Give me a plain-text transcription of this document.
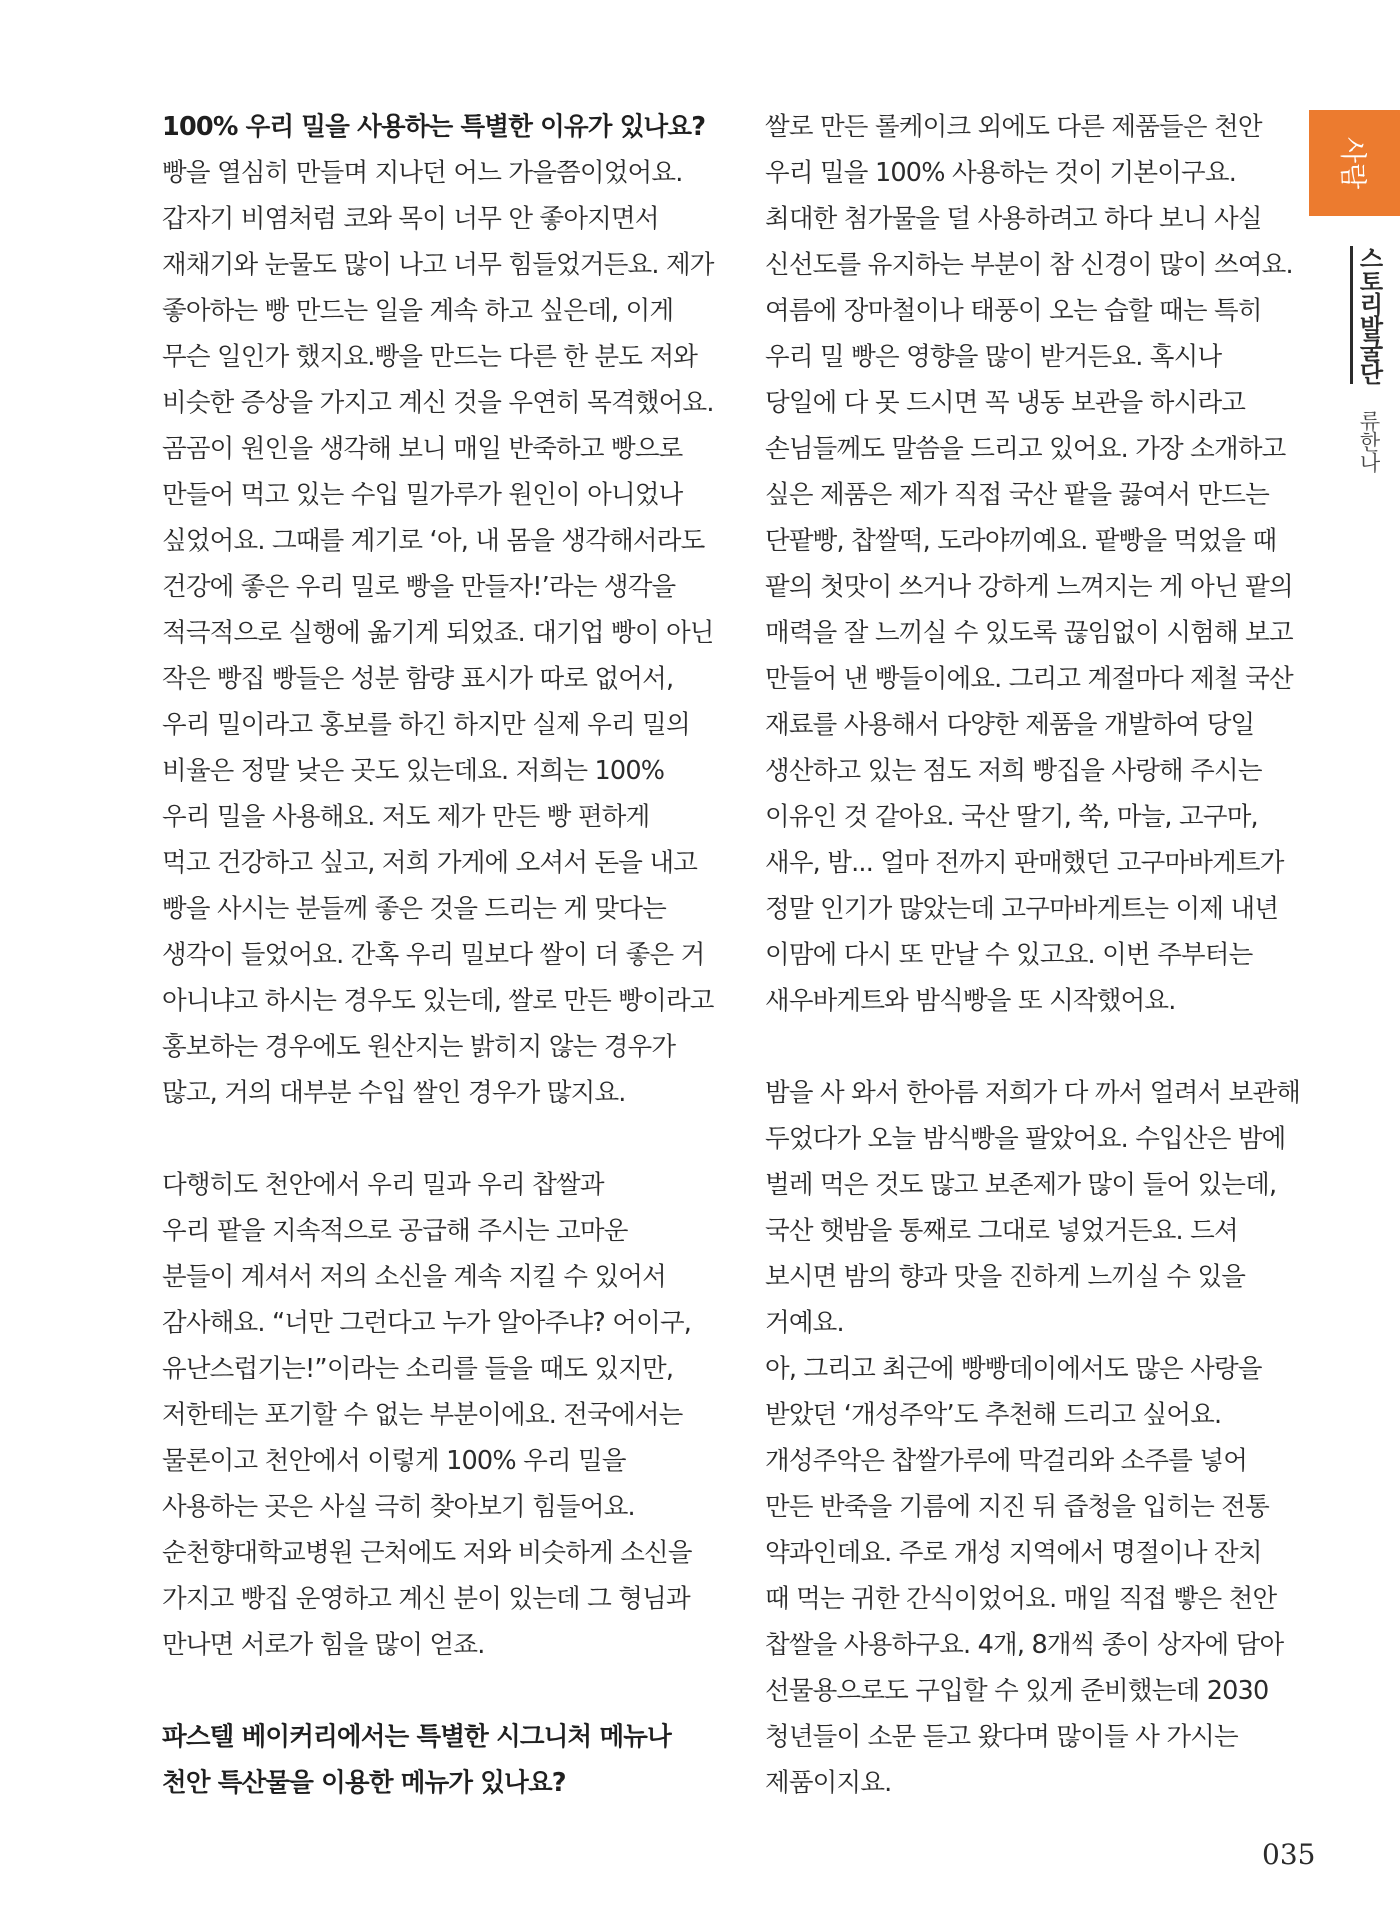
100% 우리 밀을 사용하는 특별한 이유가 있나요?
빵을 열심히 만들며 지나던 어느 가을쯤이었어요.
갑자기 비염처럼 코와 목이 너무 안 좋아지면서
재채기와 눈물도 많이 나고 너무 힘들었거든요. 제가
좋아하는 빵 만드는 일을 계속 하고 싶은데, 이게
무슨 일인가 했지요.빵을 만드는 다른 한 분도 저와
비슷한 증상을 가지고 계신 것을 우연히 목격했어요.
곰곰이 원인을 생각해 보니 매일 반죽하고 빵으로
만들어 먹고 있는 수입 밀가루가 원인이 아니었나
싶었어요. 그때를 계기로 ‘아, 내 몸을 생각해서라도
건강에 좋은 우리 밀로 빵을 만들자!’라는 생각을
적극적으로 실행에 옮기게 되었죠. 대기업 빵이 아닌
작은 빵집 빵들은 성분 함량 표시가 따로 없어서,
우리 밀이라고 홍보를 하긴 하지만 실제 우리 밀의
비율은 정말 낮은 곳도 있는데요. 저희는 100%
우리 밀을 사용해요. 저도 제가 만든 빵 편하게
먹고 건강하고 싶고, 저희 가게에 오셔서 돈을 내고
빵을 사시는 분들께 좋은 것을 드리는 게 맞다는
생각이 들었어요. 간혹 우리 밀보다 쌀이 더 좋은 거
아니냐고 하시는 경우도 있는데, 쌀로 만든 빵이라고
홍보하는 경우에도 원산지는 밝히지 않는 경우가
많고, 거의 대부분 수입 쌀인 경우가 많지요.
다행히도 천안에서 우리 밀과 우리 찹쌀과
우리 팥을 지속적으로 공급해 주시는 고마운
분들이 계셔서 저의 소신을 계속 지킬 수 있어서
감사해요. “너만 그런다고 누가 알아주냐? 어이구,
유난스럽기는!”이라는 소리를 들을 때도 있지만,
저한테는 포기할 수 없는 부분이에요. 전국에서는
물론이고 천안에서 이렇게 100% 우리 밀을
사용하는 곳은 사실 극히 찾아보기 힘들어요.
순천향대학교병원 근처에도 저와 비슷하게 소신을
가지고 빵집 운영하고 계신 분이 있는데 그 형님과
만나면 서로가 힘을 많이 얻죠.
파스텔 베이커리에서는 특별한 시그니처 메뉴나
천안 특산물을 이용한 메뉴가 있나요?
쌀로 만든 롤케이크 외에도 다른 제품들은 천안
우리 밀을 100% 사용하는 것이 기본이구요.
최대한 첨가물을 덜 사용하려고 하다 보니 사실
신선도를 유지하는 부분이 참 신경이 많이 쓰여요.
여름에 장마철이나 태풍이 오는 습할 때는 특히
우리 밀 빵은 영향을 많이 받거든요. 혹시나
당일에 다 못 드시면 꼭 냉동 보관을 하시라고
손님들께도 말씀을 드리고 있어요. 가장 소개하고
싶은 제품은 제가 직접 국산 팥을 끓여서 만드는
단팥빵, 찹쌀떡, 도라야끼예요. 팥빵을 먹었을 때
팥의 첫맛이 쓰거나 강하게 느껴지는 게 아닌 팥의
매력을 잘 느끼실 수 있도록 끊임없이 시험해 보고
만들어 낸 빵들이에요. 그리고 계절마다 제철 국산
재료를 사용해서 다양한 제품을 개발하여 당일
생산하고 있는 점도 저희 빵집을 사랑해 주시는
이유인 것 같아요. 국산 딸기, 쑥, 마늘, 고구마,
새우, 밤... 얼마 전까지 판매했던 고구마바게트가
정말 인기가 많았는데 고구마바게트는 이제 내년
이맘에 다시 또 만날 수 있고요. 이번 주부터는
새우바게트와 밤식빵을 또 시작했어요.
밤을 사 와서 한아름 저희가 다 까서 얼려서 보관해
두었다가 오늘 밤식빵을 팔았어요. 수입산은 밤에
벌레 먹은 것도 많고 보존제가 많이 들어 있는데,
국산 햇밤을 통째로 그대로 넣었거든요. 드셔
보시면 밤의 향과 맛을 진하게 느끼실 수 있을
거예요.
아, 그리고 최근에 빵빵데이에서도 많은 사랑을
받았던 ‘개성주악’도 추천해 드리고 싶어요.
개성주악은 찹쌀가루에 막걸리와 소주를 넣어
만든 반죽을 기름에 지진 뒤 즙청을 입히는 전통
약과인데요. 주로 개성 지역에서 명절이나 잔치
때 먹는 귀한 간식이었어요. 매일 직접 빻은 천안
찹쌀을 사용하구요. 4개, 8개씩 종이 상자에 담아
선물용으로도 구입할 수 있게 준비했는데 2030
청년들이 소문 듣고 왔다며 많이들 사 가시는
제품이지요.
사람
스토리발굴단류한나
035
